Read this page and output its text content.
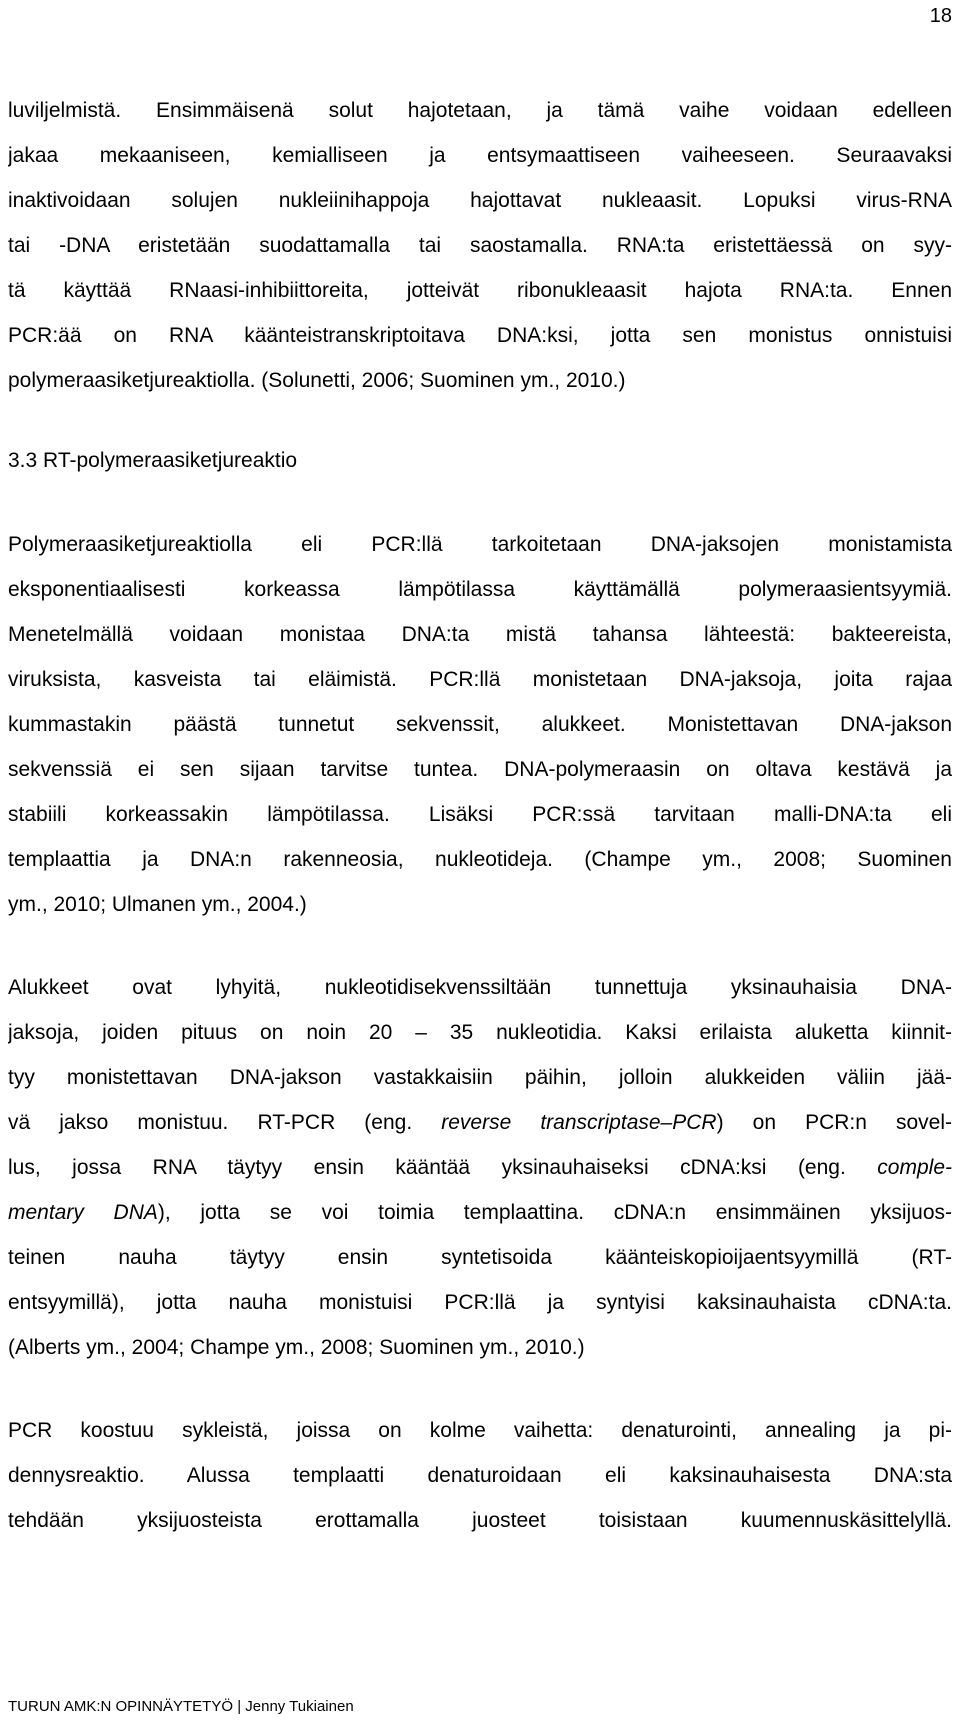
18
luviljelmistä. Ensimmäisenä solut hajotetaan, ja tämä vaihe voidaan edelleen
jakaa mekaaniseen, kemialliseen ja entsymaattiseen vaiheeseen. Seuraavaksi
inaktivoidaan solujen nukleiinihappoja hajottavat nukleaasit. Lopuksi virus-RNA
tai -DNA eristetään suodattamalla tai saostamalla. RNA:ta eristettäessä on syy-
tä käyttää RNaasi-inhibiittoreita, jotteivät ribonukleaasit hajota RNA:ta. Ennen
PCR:ää on RNA käänteistranskriptoitava DNA:ksi, jotta sen monistus onnistuisi
polymeraasiketjureaktiolla. (Solunetti, 2006; Suominen ym., 2010.)
3.3 RT-polymeraasiketjureaktio
Polymeraasiketjureaktiolla eli PCR:llä tarkoitetaan DNA-jaksojen monistamista
eksponentiaalisesti korkeassa lämpötilassa käyttämällä polymeraasientsyymiä.
Menetelmällä voidaan monistaa DNA:ta mistä tahansa lähteestä: bakteereista,
viruksista, kasveista tai eläimistä. PCR:llä monistetaan DNA-jaksoja, joita rajaa
kummastakin päästä tunnetut sekvenssit, alukkeet. Monistettavan DNA-jakson
sekvenssiä ei sen sijaan tarvitse tuntea. DNA-polymeraasin on oltava kestävä ja
stabiili korkeassakin lämpötilassa. Lisäksi PCR:ssä tarvitaan malli-DNA:ta eli
templaattia ja DNA:n rakenneosia, nukleotideja. (Champe ym., 2008; Suominen
ym., 2010; Ulmanen ym., 2004.)
Alukkeet ovat lyhyitä, nukleotidisekvenssiltään tunnettuja yksinauhaisia DNA-
jaksoja, joiden pituus on noin 20 – 35 nukleotidia. Kaksi erilaista aluketta kiinnit-
tyy monistettavan DNA-jakson vastakkaisiin päihin, jolloin alukkeiden väliin jää-
vä jakso monistuu. RT-PCR (eng. reverse transcriptase–PCR) on PCR:n sovel-
lus, jossa RNA täytyy ensin kääntää yksinauhaiseksi cDNA:ksi (eng. comple-
mentary DNA), jotta se voi toimia templaattina. cDNA:n ensimmäinen yksijuos-
teinen nauha täytyy ensin syntetisoida käänteiskopioijaentsyymillä (RT-
entsyymillä), jotta nauha monistuisi PCR:llä ja syntyisi kaksinauhaista cDNA:ta.
(Alberts ym., 2004; Champe ym., 2008; Suominen ym., 2010.)
PCR koostuu sykleistä, joissa on kolme vaihetta: denaturointi, annealing ja pi-
dennysreaktio. Alussa templaatti denaturoidaan eli kaksinauhaisesta DNA:sta
tehdään yksijuosteista erottamalla juosteet toisistaan kuumennuskäsittelyllä.
TURUN AMK:N OPINNÄYTETYÖ | Jenny Tukiainen
